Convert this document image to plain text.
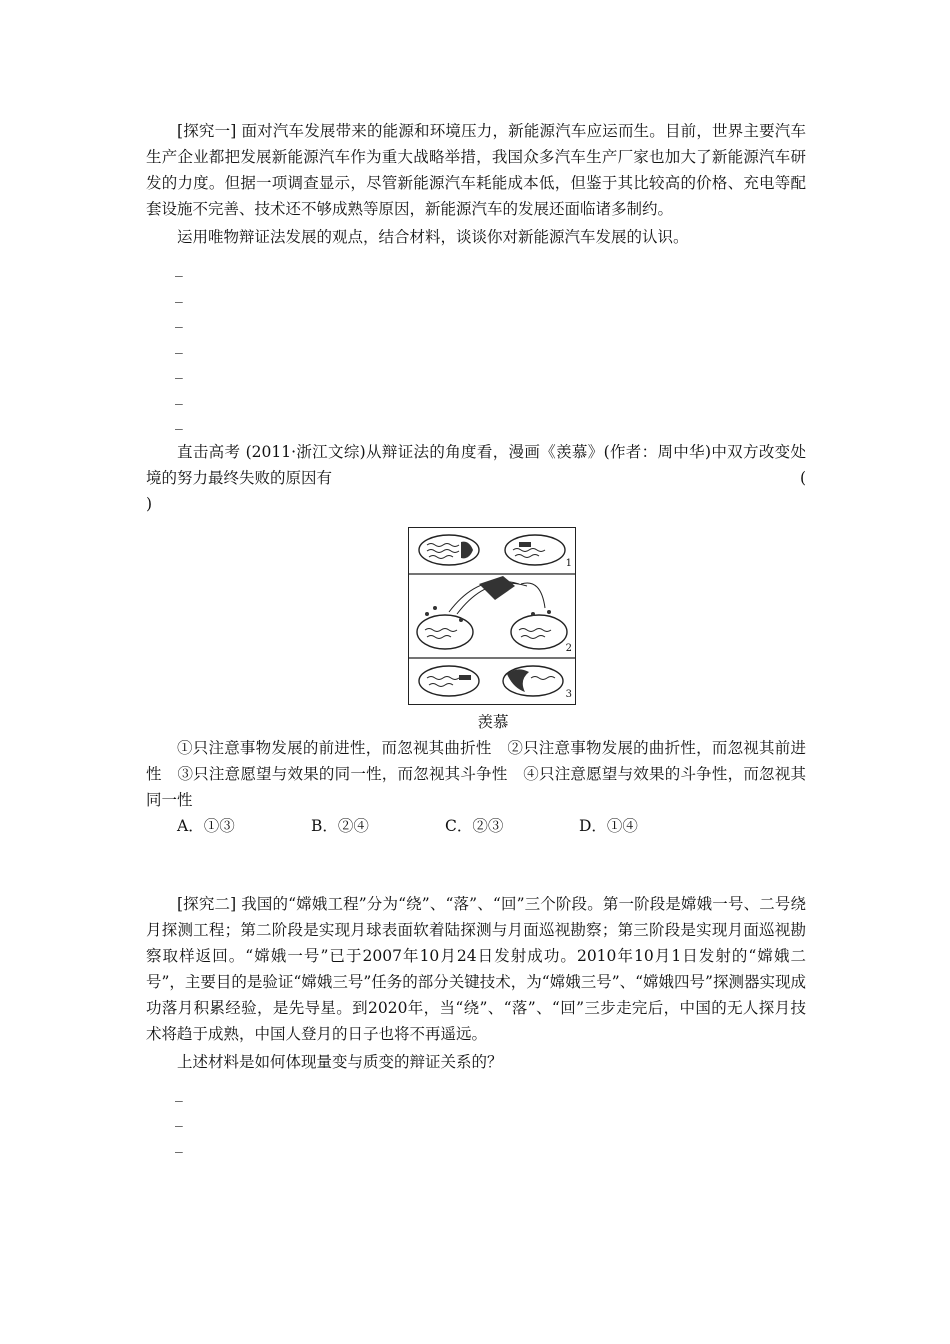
[探究一] 面对汽车发展带来的能源和环境压力，新能源汽车应运而生。目前，世界主要汽车生产企业都把发展新能源汽车作为重大战略举措，我国众多汽车生产厂家也加大了新能源汽车研发的力度。但据一项调查显示，尽管新能源汽车耗能成本低，但鉴于其比较高的价格、充电等配套设施不完善、技术还不够成熟等原因，新能源汽车的发展还面临诸多制约。

运用唯物辩证法发展的观点，结合材料，谈谈你对新能源汽车发展的认识。

_
_
_
_
_
_
_

直击高考 (2011·浙江文综)从辩证法的角度看，漫画《羡慕》(作者：周中华)中双方改变处境的努力最终失败的原因有	(

)

1
2
3
羡慕

①只注意事物发展的前进性，而忽视其曲折性　②只注意事物发展的曲折性，而忽视其前进性　③只注意愿望与效果的同一性，而忽视其斗争性　④只注意愿望与效果的斗争性，而忽视其同一性

A．①③	B．②④	C．②③	D．①④

[探究二] 我国的“嫦娥工程”分为“绕”、“落”、“回”三个阶段。第一阶段是嫦娥一号、二号绕月探测工程；第二阶段是实现月球表面软着陆探测与月面巡视勘察；第三阶段是实现月面巡视勘察取样返回。“嫦娥一号”已于2007年10月24日发射成功。2010年10月1日发射的“嫦娥二号”，主要目的是验证“嫦娥三号”任务的部分关键技术，为“嫦娥三号”、“嫦娥四号”探测器实现成功落月积累经验，是先导星。到2020年，当“绕”、“落”、“回”三步走完后，中国的无人探月技术将趋于成熟，中国人登月的日子也将不再遥远。

上述材料是如何体现量变与质变的辩证关系的？

_
_
_
